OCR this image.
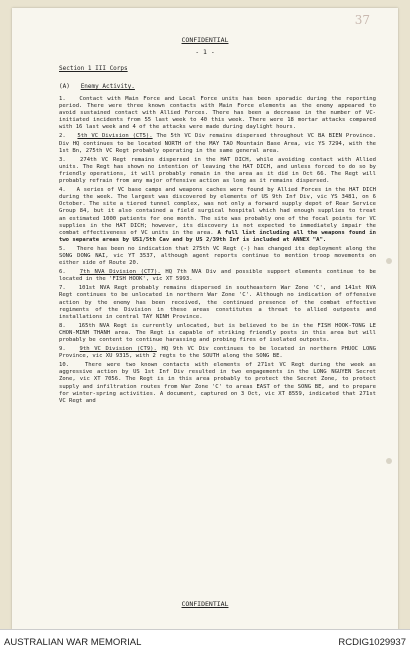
37
CONFIDENTIAL
- 1 -
Section 1 III Corps
(A) Enemy Activity.
1.   Contact with Main Force and Local Force units has been sporadic during the reporting period. There were three known contacts with Main Force elements as the enemy appeared to avoid sustained contact with Allied Forces. There has been a decrease in the number of VC-initiated incidents from 55 last week to 40 this week. There were 18 mortar attacks compared with 16 last week and 4 of the attacks were made during daylight hours.
2.   5th VC Division (CT5). The 5th VC Div remains dispersed throughout VC BA BIEN Province. Div HQ continues to be located NORTH of the MAY TAO Mountain Base Area, vic YS 7294, with the 1st Bn, 275th VC Regt probably operating in the same general area.
3.   274th VC Regt remains dispersed in the HAT DICH, while avoiding contact with Allied units. The Regt has shown no intention of leaving the HAT DICH, and unless forced to do so by friendly operations, it will probably remain in the area as it did in Oct 66. The Regt will probably refrain from any major offensive action as long as it remains dispersed.
4.   A series of VC base camps and weapons caches were found by Allied Forces in the HAT DICH during the week. The largest was discovered by elements of US 9th Inf Div, vic YS 3481, on 6 October. The site a tiered tunnel complex, was not only a forward supply depot of Rear Service Group 84, but it also contained a field surgical hospital which had enough supplies to treat an estimated 1000 patients for one month. The site was probably one of the focal points for VC supplies in the HAT DICH; however, its discovery is not expected to immediately impair the combat effectiveness of VC units in the area. A full list including all the weapons found in two separate areas by US1/5th Cav and by US 2/39th Inf is included at ANNEX "A".
5.   There has been no indication that 275th VC Regt (-) has changed its deployment along the SONG DONG NAI, vic YT 3537, although agent reports continue to mention troop movements on either side of Route 20.
6.   7th NVA Division (CT7). HQ 7th NVA Div and possible support elements continue to be located in the 'FISH HOOK', vic XT 5993.
7.   101st NVA Regt probably remains dispersed in southeastern War Zone 'C', and 141st NVA Regt continues to be unlocated in northern War Zone 'C'. Although no indication of offensive action by the enemy has been received, the continued presence of the combat effective regiments of the Division in these areas constitutes a threat to allied outposts and installations in central TAY NINH Province.
8.   165th NVA Regt is currently unlocated, but is believed to be in the FISH HOOK-TONG LE CHON-MINH THANH area. The Regt is capable of striking friendly posts in this area but will probably be content to continue harassing and probing fires of isolated outposts.
9.   9th VC Division (CT9). HQ 9th VC Div continues to be located in northern PHUOC LONG Province, vic XU 9315, with 2 regts to the SOUTH along the SONG BE.
10.   There were two known contacts with elements of 271st VC Regt during the week as aggressive action by US 1st Inf Div resulted in two engagements in the LONG NGUYEN Secret Zone, vic XT 7056. The Regt is in this area probably to protect the Secret Zone, to protect supply and infiltration routes from War Zone 'C' to areas EAST of the SONG BE, and to prepare for winter-spring activities. A document, captured on 3 Oct, vic XT 8559, indicated that 271st VC Regt and
CONFIDENTIAL
AUSTRALIAN WAR MEMORIAL	RCDIG1029937
